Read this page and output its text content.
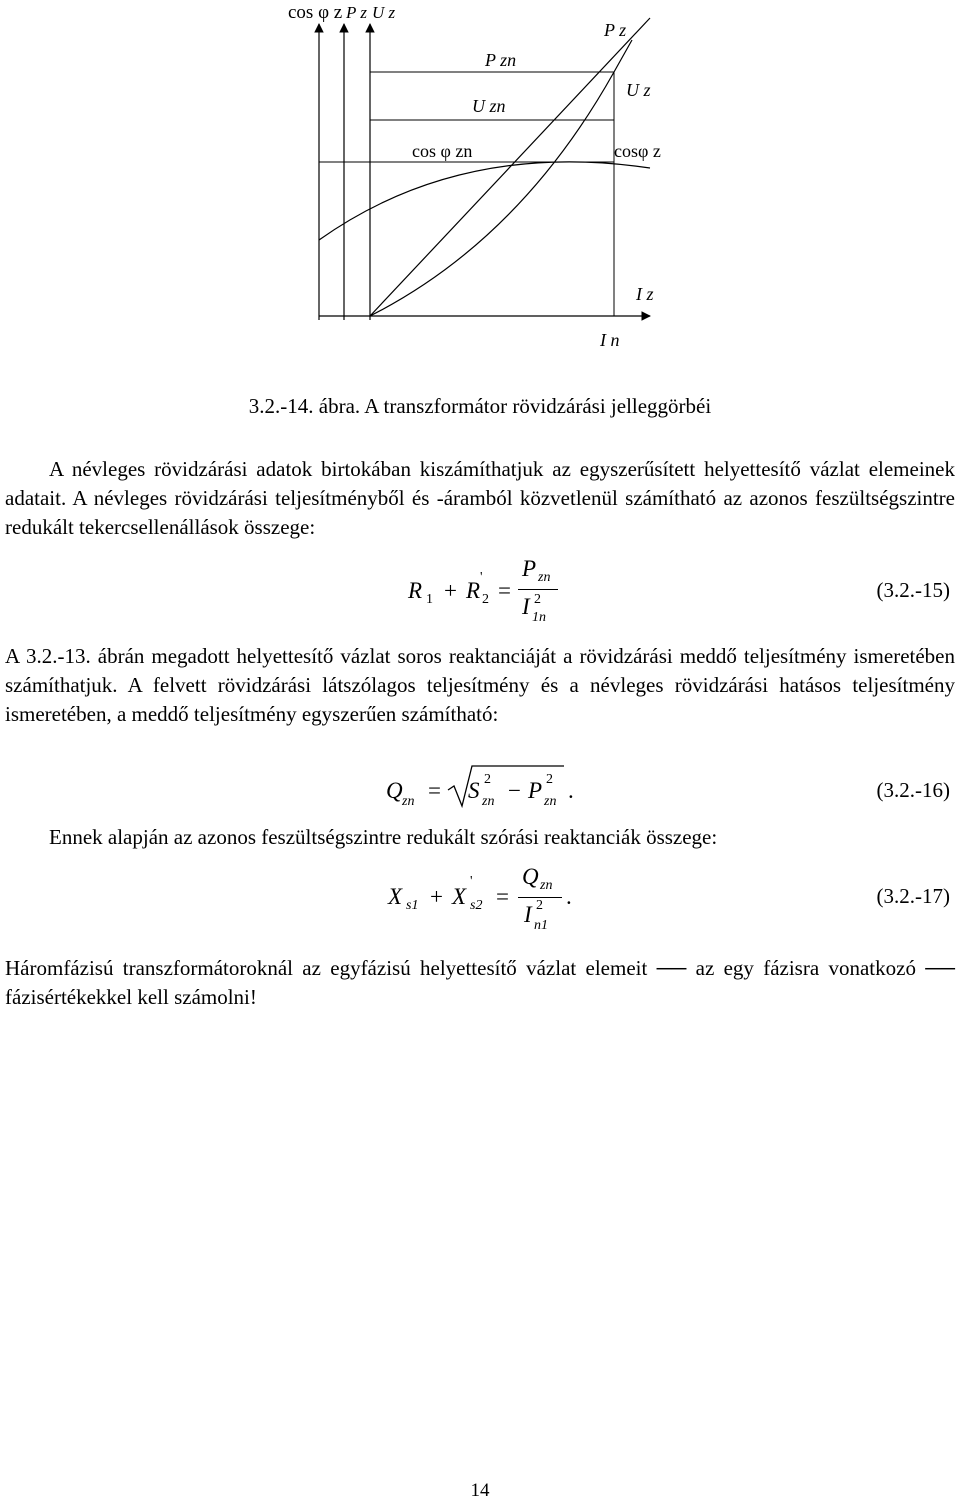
cos φ z P z U z
P zn
U zn
P z
U z
cos φ zn	cosφ z
I z
I n
3.2.-14. ábra. A transzformátor rövidzárási jelleggörbéi

A névleges rövidzárási adatok birtokában kiszámíthatjuk az egyszerűsített helyettesítő vázlat elemeinek adatait. A névleges rövidzárási teljesítményből és -áramból közvetlenül számítható az azonos feszültségszintre redukált tekercsellenállások összege:

R 1 + R
'
2 =
P zn
I 2
1n
(3.2.-15)

A 3.2.-13. ábrán megadott helyettesítő vázlat soros reaktanciáját a rövidzárási meddő teljesítmény ismeretében számíthatjuk. A felvett rövidzárási látszólagos teljesítmény és a névleges rövidzárási hatásos teljesítmény ismeretében, a meddő teljesítmény egyszerűen számítható:

Q zn = S 2
zn − P 2
zn .	(3.2.-16)

Ennek alapján az azonos feszültségszintre redukált szórási reaktanciák összege:

X s1 + X
'
s2 =
Q zn
I 2
n1
.	(3.2.-17)

Háromfázisú transzformátoroknál az egyfázisú helyettesítő vázlat elemeit ── az egy fázisra vonatkozó ── fázisértékekkel kell számolni!

14
